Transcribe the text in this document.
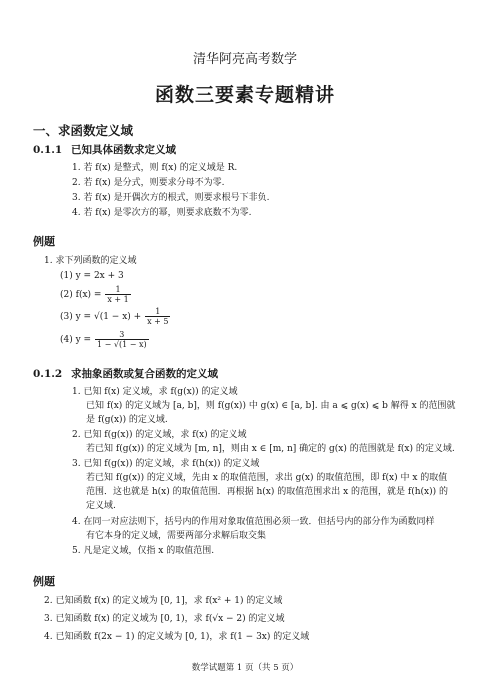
清华阿亮高考数学
函数三要素专题精讲
一、求函数定义域
0.1.1 已知具体函数求定义域
1. 若 f(x) 是整式，则 f(x) 的定义域是 R.
2. 若 f(x) 是分式，则要求分母不为零.
3. 若 f(x) 是开偶次方的根式，则要求根号下非负.
4. 若 f(x) 是零次方的幂，则要求底数不为零.
例题
1. 求下列函数的定义域
(1) y = 2x + 3
(2) $f(x) = \frac{1}{x + 1}$
(3) $y = √(1 - x) + \frac{1}{x + 5}$
(4) $y = \frac{3}{1 - √(1 - x)}$
0.1.2 求抽象函数或复合函数的定义域
1. 已知 f(x) 定义域，求 f(g(x)) 的定义域
已知 f(x) 的定义域为 [a, b]，则 f(g(x)) 中 g(x) ∈ [a, b]. 由 a ⩽ g(x) ⩽ b 解得 x 的范围就
是 f(g(x)) 的定义域.
2. 已知 f(g(x)) 的定义域，求 f(x) 的定义域
若已知 f(g(x)) 的定义域为 [m, n]，则由 x ∈ [m, n] 确定的 g(x) 的范围就是 f(x) 的定义域.
3. 已知 f(g(x)) 的定义域，求 f(h(x)) 的定义域
若已知 f(g(x)) 的定义域，先由 x 的取值范围，求出 g(x) 的取值范围，即 f(x) 中 x 的取值
范围．这也就是 h(x) 的取值范围．再根据 h(x) 的取值范围求出 x 的范围，就是 f(h(x)) 的
定义域.
4. 在同一对应法则下，括号内的作用对象取值范围必须一致．但括号内的部分作为函数同样
有它本身的定义域，需要两部分求解后取交集
5. 凡是定义域，仅指 x 的取值范围.
例题
2. 已知函数 f(x) 的定义域为 [0, 1]，求 f(x² + 1) 的定义域
3. 已知函数 f(x) 的定义域为 [0, 1)，求 f(√x − 2) 的定义域
4. 已知函数 f(2x − 1) 的定义域为 [0, 1)，求 f(1 − 3x) 的定义域
数学试题第 1 页（共 5 页）
